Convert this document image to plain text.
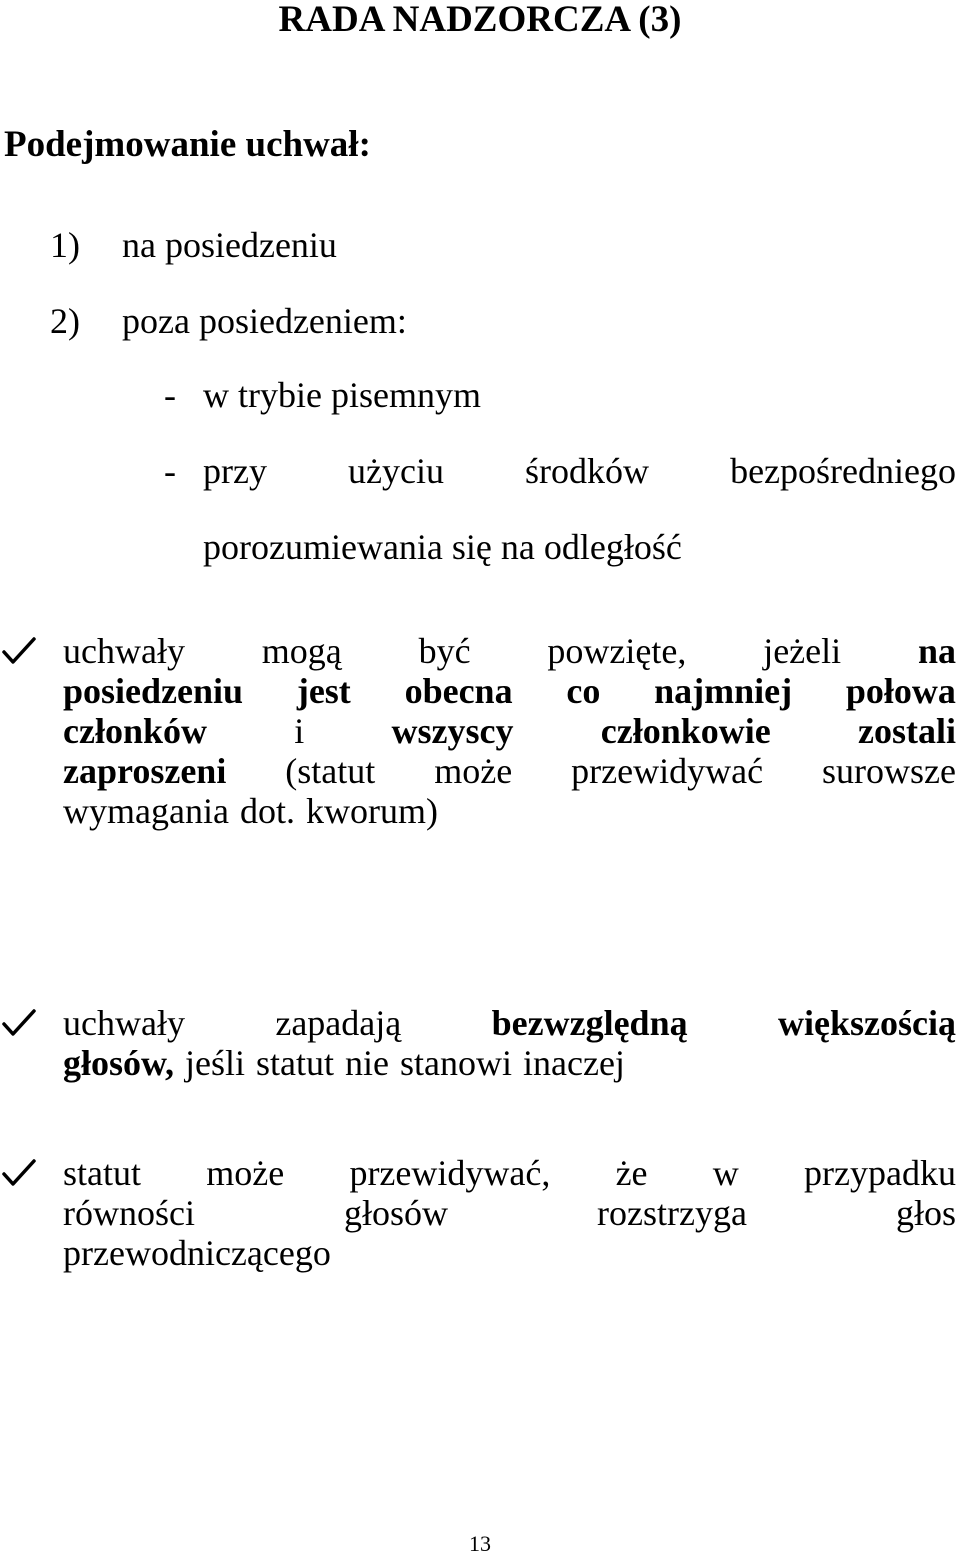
RADA NADZORCZA (3)
Podejmowanie uchwał:
1) na posiedzeniu
2) poza posiedzeniem:
- w trybie pisemnym
- przy użyciu środków bezpośredniego
porozumiewania się na odległość
uchwały mogą być powzięte, jeżeli na
posiedzeniu jest obecna co najmniej połowa
członków i wszyscy członkowie zostali
zaproszeni (statut może przewidywać surowsze
wymagania dot. kworum)
uchwały	zapadają	bezwzględną	większością
głosów, jeśli statut nie stanowi inaczej
statut może przewidywać, że w przypadku
równości	głosów	rozstrzyga	głos
przewodniczącego
13
